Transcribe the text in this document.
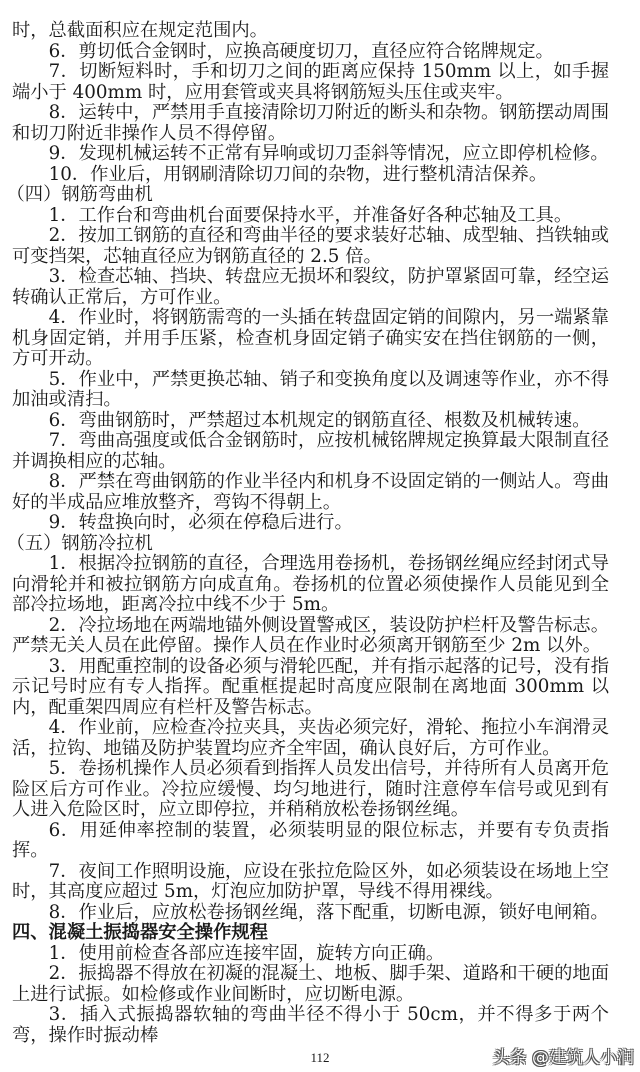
时，总截面积应在规定范围内。

6．剪切低合金钢时，应换高硬度切刀，直径应符合铭牌规定。

7．切断短料时，手和切刀之间的距离应保持 150mm 以上，如手握端小于 400mm 时，应用套管或夹具将钢筋短头压住或夹牢。

8．运转中，严禁用手直接清除切刀附近的断头和杂物。钢筋摆动周围和切刀附近非操作人员不得停留。

9．发现机械运转不正常有异响或切刀歪斜等情况，应立即停机检修。

10．作业后，用钢刷清除切刀间的杂物，进行整机清洁保养。

（四）钢筋弯曲机

1．工作台和弯曲机台面要保持水平，并准备好各种芯轴及工具。

2．按加工钢筋的直径和弯曲半径的要求装好芯轴、成型轴、挡铁轴或可变挡架，芯轴直径应为钢筋直径的 2.5 倍。

3．检查芯轴、挡块、转盘应无损坏和裂纹，防护罩紧固可靠，经空运转确认正常后，方可作业。

4．作业时，将钢筋需弯的一头插在转盘固定销的间隙内，另一端紧靠机身固定销，并用手压紧，检查机身固定销子确实安在挡住钢筋的一侧，方可开动。

5．作业中，严禁更换芯轴、销子和变换角度以及调速等作业，亦不得加油或清扫。

6．弯曲钢筋时，严禁超过本机规定的钢筋直径、根数及机械转速。

7．弯曲高强度或低合金钢筋时，应按机械铭牌规定换算最大限制直径并调换相应的芯轴。

8．严禁在弯曲钢筋的作业半径内和机身不设固定销的一侧站人。弯曲好的半成品应堆放整齐，弯钩不得朝上。

9．转盘换向时，必须在停稳后进行。

（五）钢筋冷拉机

1．根据冷拉钢筋的直径，合理选用卷扬机，卷扬钢丝绳应经封闭式导向滑轮并和被拉钢筋方向成直角。卷扬机的位置必须使操作人员能见到全部冷拉场地，距离冷拉中线不少于 5m。

2．冷拉场地在两端地锚外侧设置警戒区，装设防护栏杆及警告标志。严禁无关人员在此停留。操作人员在作业时必须离开钢筋至少 2m 以外。

3．用配重控制的设备必须与滑轮匹配，并有指示起落的记号，没有指示记号时应有专人指挥。配重框提起时高度应限制在离地面 300mm 以内，配重架四周应有栏杆及警告标志。

4．作业前，应检查冷拉夹具，夹齿必须完好，滑轮、拖拉小车润滑灵活，拉钩、地锚及防护装置均应齐全牢固，确认良好后，方可作业。

5．卷扬机操作人员必须看到指挥人员发出信号，并待所有人员离开危险区后方可作业。冷拉应缓慢、均匀地进行，随时注意停车信号或见到有人进入危险区时，应立即停拉，并稍稍放松卷扬钢丝绳。

6．用延伸率控制的装置，必须装明显的限位标志，并要有专负责指挥。

7．夜间工作照明设施，应设在张拉危险区外，如必须装设在场地上空时，其高度应超过 5m，灯泡应加防护罩，导线不得用裸线。

8．作业后，应放松卷扬钢丝绳，落下配重，切断电源，锁好电闸箱。

四、混凝土振捣器安全操作规程

1．使用前检查各部应连接牢固，旋转方向正确。

2．振捣器不得放在初凝的混凝土、地板、脚手架、道路和干硬的地面上进行试振。如检修或作业间断时，应切断电源。

3．插入式振捣器软轴的弯曲半径不得小于 50cm，并不得多于两个弯，操作时振动棒

112	头条 @建筑人小润
